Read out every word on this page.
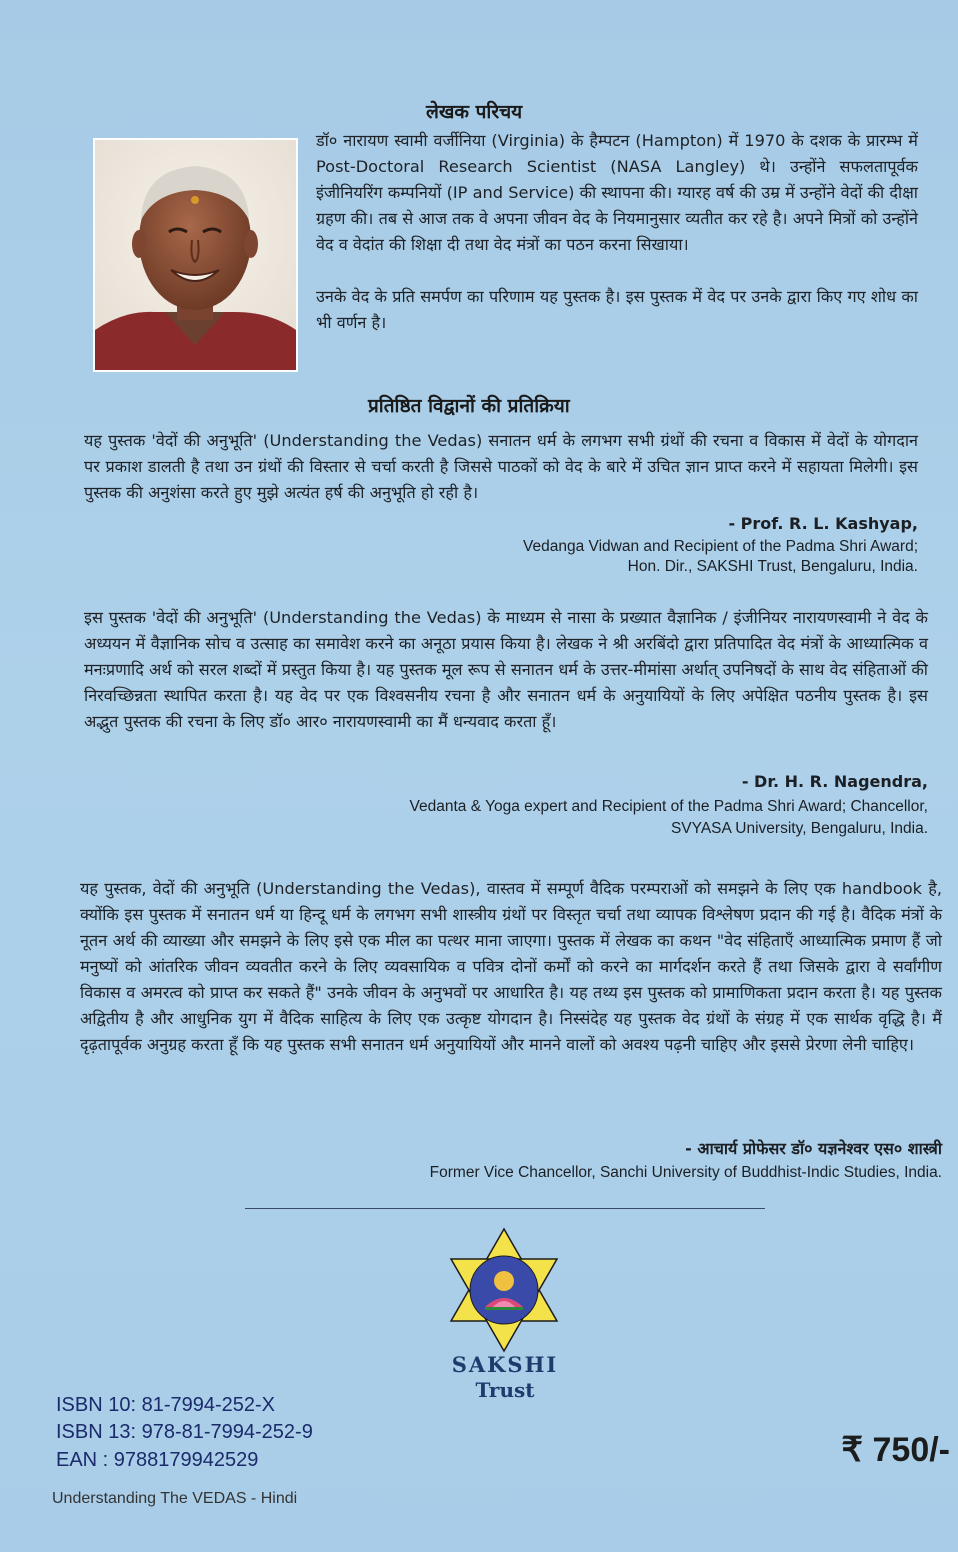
लेखक परिचय
डॉ० नारायण स्वामी वर्जीनिया (Virginia) के हैम्पटन (Hampton) में 1970 के दशक के प्रारम्भ में Post-Doctoral Research Scientist (NASA Langley) थे। उन्होंने सफलतापूर्वक इंजीनियरिंग कम्पनियों (IP and Service) की स्थापना की। ग्यारह वर्ष की उम्र में उन्होंने वेदों की दीक्षा ग्रहण की। तब से आज तक वे अपना जीवन वेद के नियमानुसार व्यतीत कर रहे है। अपने मित्रों को उन्होंने वेद व वेदांत की शिक्षा दी तथा वेद मंत्रों का पठन करना सिखाया।
उनके वेद के प्रति समर्पण का परिणाम यह पुस्तक है। इस पुस्तक में वेद पर उनके द्वारा किए गए शोध का भी वर्णन है।
प्रतिष्ठित विद्वानों की प्रतिक्रिया
यह पुस्तक 'वेदों की अनुभूति' (Understanding the Vedas) सनातन धर्म के लगभग सभी ग्रंथों की रचना व विकास में वेदों के योगदान पर प्रकाश डालती है तथा उन ग्रंथों की विस्तार से चर्चा करती है जिससे पाठकों को वेद के बारे में उचित ज्ञान प्राप्त करने में सहायता मिलेगी। इस पुस्तक की अनुशंसा करते हुए मुझे अत्यंत हर्ष की अनुभूति हो रही है।
- Prof. R. L. Kashyap,
Vedanga Vidwan and Recipient of the Padma Shri Award;
Hon. Dir., SAKSHI Trust, Bengaluru, India.
इस पुस्तक 'वेदों की अनुभूति' (Understanding the Vedas) के माध्यम से नासा के प्रख्यात वैज्ञानिक / इंजीनियर नारायणस्वामी ने वेद के अध्ययन में वैज्ञानिक सोच व उत्साह का समावेश करने का अनूठा प्रयास किया है। लेखक ने श्री अरबिंदो द्वारा प्रतिपादित वेद मंत्रों के आध्यात्मिक व मनःप्रणादि अर्थ को सरल शब्दों में प्रस्तुत किया है। यह पुस्तक मूल रूप से सनातन धर्म के उत्तर-मीमांसा अर्थात् उपनिषदों के साथ वेद संहिताओं की निरवच्छिन्नता स्थापित करता है। यह वेद पर एक विश्वसनीय रचना है और सनातन धर्म के अनुयायियों के लिए अपेक्षित पठनीय पुस्तक है। इस अद्भुत पुस्तक की रचना के लिए डॉ० आर० नारायणस्वामी का मैं धन्यवाद करता हूँ।
- Dr. H. R. Nagendra,
Vedanta & Yoga expert and Recipient of the Padma Shri Award; Chancellor,
SVYASA University, Bengaluru, India.
यह पुस्तक, वेदों की अनुभूति (Understanding the Vedas), वास्तव में सम्पूर्ण वैदिक परम्पराओं को समझने के लिए एक handbook है, क्योंकि इस पुस्तक में सनातन धर्म या हिन्दू धर्म के लगभग सभी शास्त्रीय ग्रंथों पर विस्तृत चर्चा तथा व्यापक विश्लेषण प्रदान की गई है। वैदिक मंत्रों के नूतन अर्थ की व्याख्या और समझने के लिए इसे एक मील का पत्थर माना जाएगा। पुस्तक में लेखक का कथन "वेद संहिताएँ आध्यात्मिक प्रमाण हैं जो मनुष्यों को आंतरिक जीवन व्यवतीत करने के लिए व्यवसायिक व पवित्र दोनों कर्मों को करने का मार्गदर्शन करते हैं तथा जिसके द्वारा वे सर्वांगीण विकास व अमरत्व को प्राप्त कर सकते हैं" उनके जीवन के अनुभवों पर आधारित है। यह तथ्य इस पुस्तक को प्रामाणिकता प्रदान करता है। यह पुस्तक अद्वितीय है और आधुनिक युग में वैदिक साहित्य के लिए एक उत्कृष्ट योगदान है। निस्संदेह यह पुस्तक वेद ग्रंथों के संग्रह में एक सार्थक वृद्धि है। मैं दृढ़तापूर्वक अनुग्रह करता हूँ कि यह पुस्तक सभी सनातन धर्म अनुयायियों और मानने वालों को अवश्य पढ़नी चाहिए और इससे प्रेरणा लेनी चाहिए।
- आचार्य प्रोफेसर डॉ० यज्ञनेश्वर एस० शास्त्री
Former Vice Chancellor, Sanchi University of Buddhist-Indic Studies, India.
SAKSHI
Trust
ISBN 10: 81-7994-252-X
ISBN 13: 978-81-7994-252-9
EAN : 9788179942529	₹ 750/-
Understanding The VEDAS - Hindi
